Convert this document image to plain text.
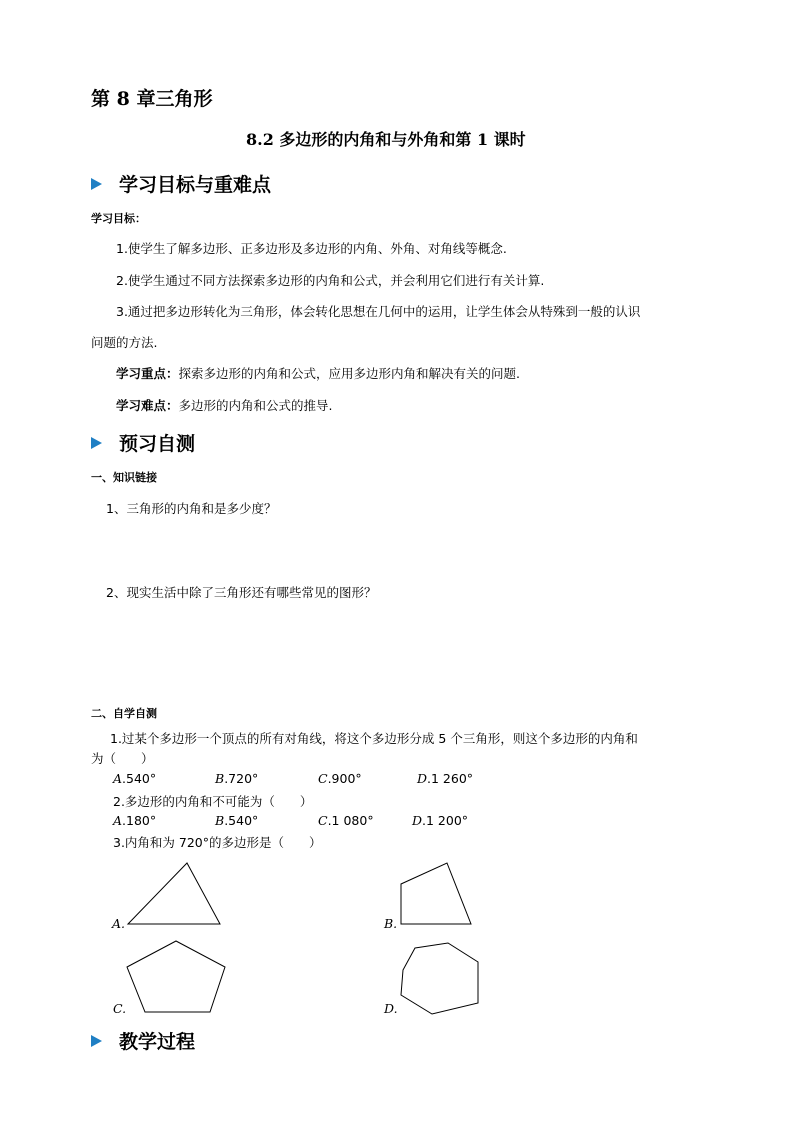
第 8 章三角形
8.2 多边形的内角和与外角和第 1 课时
学习目标与重难点
学习目标：
1.使学生了解多边形、正多边形及多边形的内角、外角、对角线等概念.
2.使学生通过不同方法探索多边形的内角和公式，并会利用它们进行有关计算.
3.通过把多边形转化为三角形，体会转化思想在几何中的运用，让学生体会从特殊到一般的认识
问题的方法.
学习重点：探索多边形的内角和公式，应用多边形内角和解决有关的问题.
学习难点：多边形的内角和公式的推导.
预习自测
一、知识链接
1、三角形的内角和是多少度？
2、现实生活中除了三角形还有哪些常见的图形？
二、自学自测
1.过某个多边形一个顶点的所有对角线，将这个多边形分成 5 个三角形，则这个多边形的内角和
为（　　）
A.540°	B.720°	C.900°	D.1 260°
2.多边形的内角和不可能为（　　）
A.180°	B.540°	C.1 080°	D.1 200°
3.内角和为 720°的多边形是（　　）
A.	B.
C.	D.
教学过程
